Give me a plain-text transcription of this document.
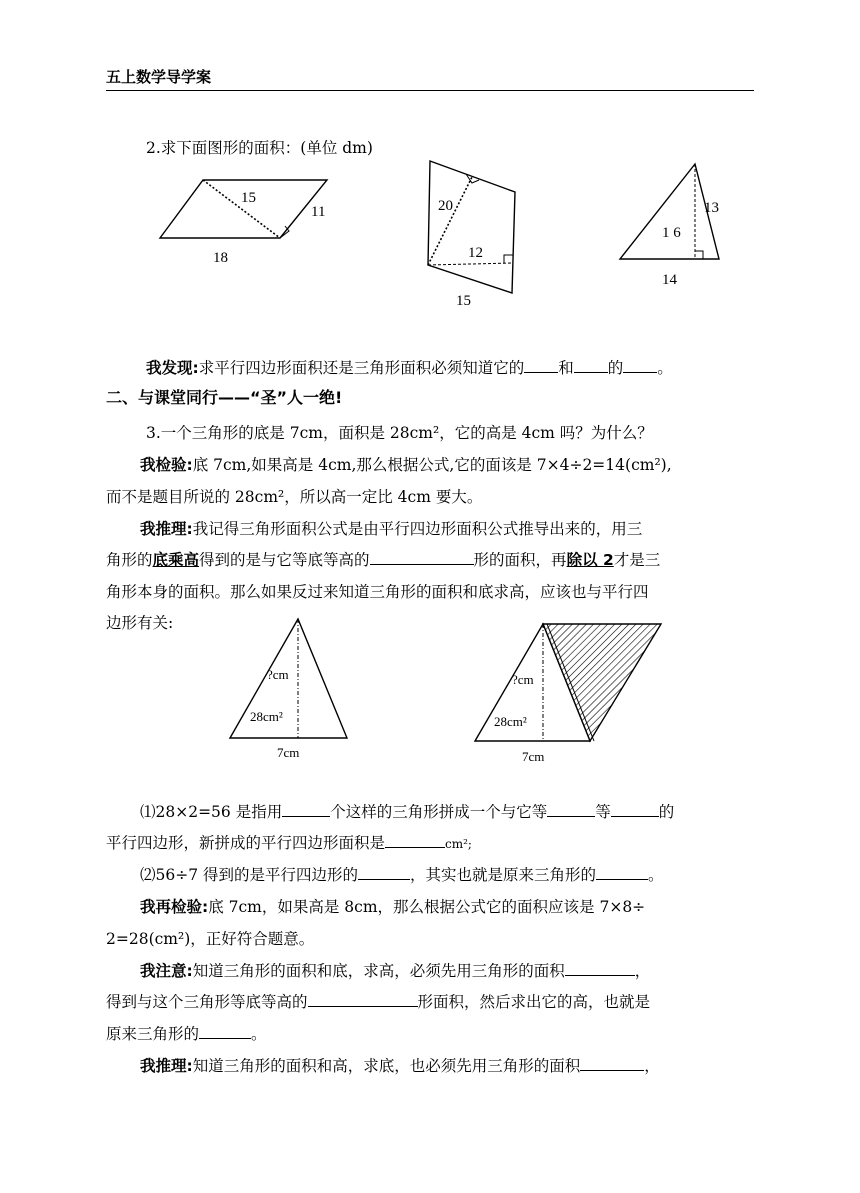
五上数学导学案
2.求下面图形的面积：(单位 dm)
15
11
18
20
12
15
13
1 6
14
我发现:求平行四边形面积还是三角形面积必须知道它的 和 的 。
二、与课堂同行——“圣”人一绝!
3.一个三角形的底是 7cm，面积是 28cm²，它的高是 4cm 吗？为什么？
我检验:底 7cm,如果高是 4cm,那么根据公式,它的面该是 7×4÷2=14(cm²),
而不是题目所说的 28cm²，所以高一定比 4cm 要大。
我推理:我记得三角形面积公式是由平行四边形面积公式推导出来的，用三
角形的底乘高得到的是与它等底等高的	形的面积，再除以 2才是三
角形本身的面积。那么如果反过来知道三角形的面积和底求高，应该也与平行四
边形有关:
?cm
28cm²
7cm
?cm
28cm²
7cm
⑴28×2=56 是指用	个这样的三角形拼成一个与它等	等	的
平行四边形，新拼成的平行四边形面积是	cm²;
⑵56÷7 得到的是平行四边形的	，其实也就是原来三角形的	。
我再检验:底 7cm，如果高是 8cm，那么根据公式它的面积应该是 7×8÷
2=28(cm²)，正好符合题意。
我注意:知道三角形的面积和底，求高，必须先用三角形的面积	，
得到与这个三角形等底等高的	形面积，然后求出它的高，也就是
原来三角形的	。
我推理:知道三角形的面积和高，求底，也必须先用三角形的面积	，
